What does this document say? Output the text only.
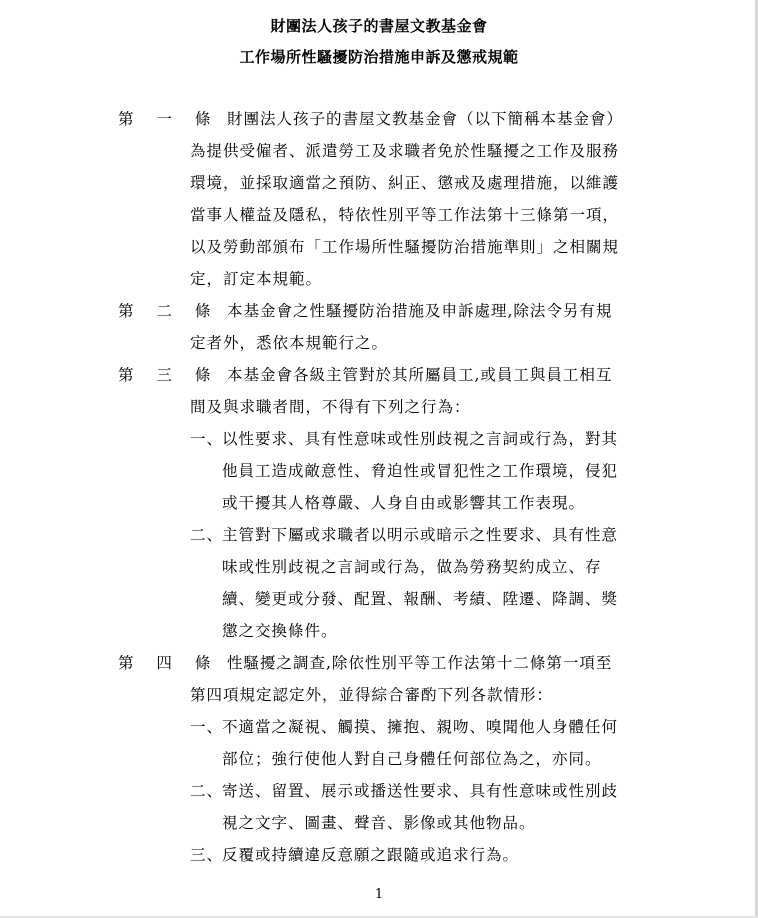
財團法人孩子的書屋文教基金會
工作場所性騷擾防治措施申訴及懲戒規範
第 一 條 財團法人孩子的書屋文教基金會（以下簡稱本基金會）
為提供受僱者、派遣勞工及求職者免於性騷擾之工作及服務
環境，並採取適當之預防、糾正、懲戒及處理措施，以維護
當事人權益及隱私，特依性別平等工作法第十三條第一項，
以及勞動部頒布「工作場所性騷擾防治措施準則」之相關規
定，訂定本規範。
第 二 條 本基金會之性騷擾防治措施及申訴處理,除法令另有規
定者外，悉依本規範行之。
第 三 條 本基金會各級主管對於其所屬員工,或員工與員工相互
間及與求職者間，不得有下列之行為：
一、
以性要求、具有性意味或性別歧視之言詞或行為，對其
他員工造成敵意性、脅迫性或冒犯性之工作環境，侵犯
或干擾其人格尊嚴、人身自由或影響其工作表現。
二、
主管對下屬或求職者以明示或暗示之性要求、具有性意
味或性別歧視之言詞或行為，做為勞務契約成立、存
續、變更或分發、配置、報酬、考績、陞遷、降調、獎
懲之交換條件。
第 四 條 性騷擾之調查,除依性別平等工作法第十二條第一項至
第四項規定認定外，並得綜合審酌下列各款情形：
一、
不適當之凝視、觸摸、擁抱、親吻、嗅聞他人身體任何
部位；強行使他人對自己身體任何部位為之，亦同。
二、
寄送、留置、展示或播送性要求、具有性意味或性別歧
視之文字、圖畫、聲音、影像或其他物品。
三、
反覆或持續違反意願之跟隨或追求行為。
1
